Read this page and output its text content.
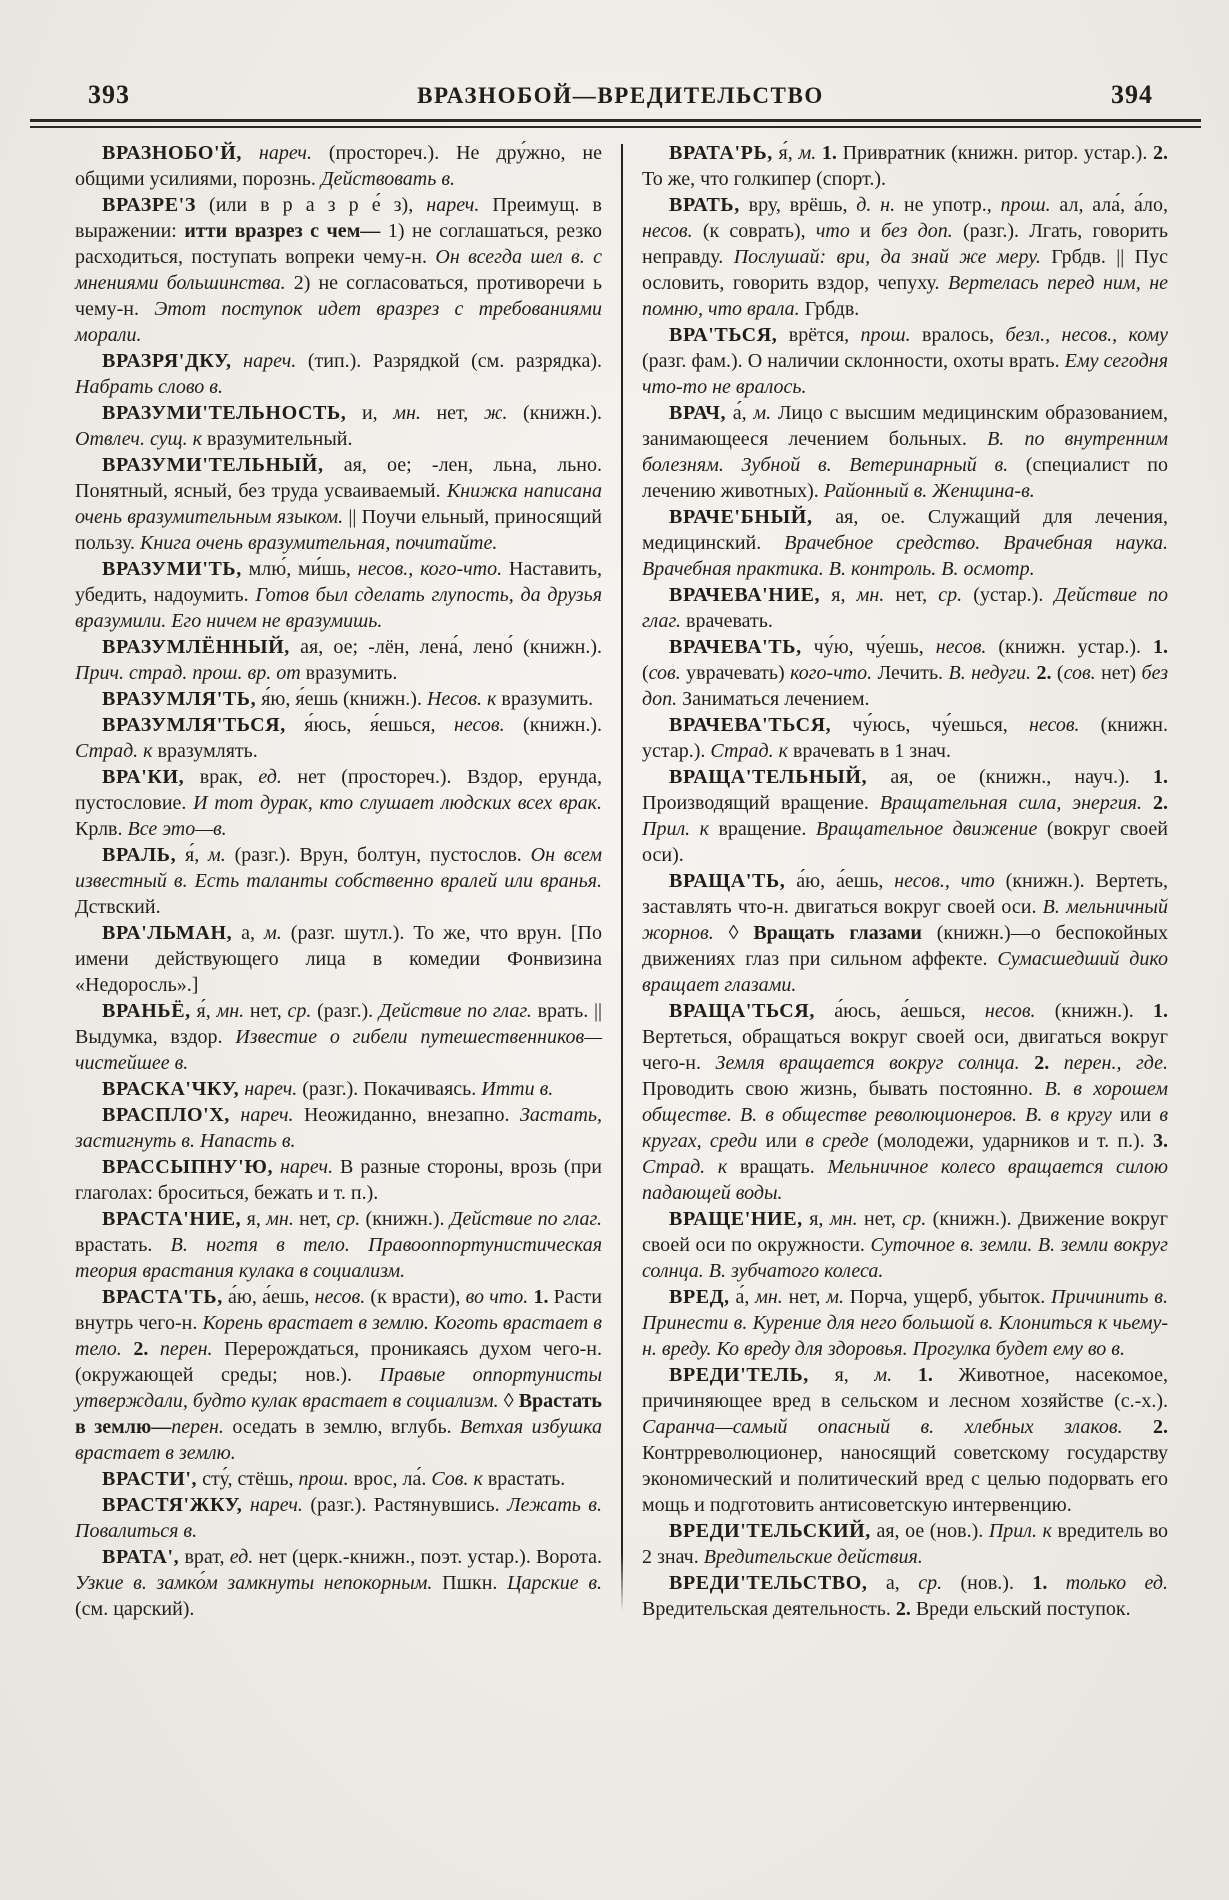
393	ВРАЗНОБОЙ—ВРЕДИТЕЛЬСТВО	394

ВРАЗНОБО'Й, нареч. (простореч.). Не дру́жно, не общими усилиями, порознь. Действовать в.

ВРАЗРЕ'З (или в р а з р е́ з), нареч. Преимущ. в выражении: итти вразрез с чем— 1) не соглашаться, резко расходиться, поступать вопреки чему-н. Он всегда шел в. с мнениями большинства. 2) не согласоваться, противоречи ь чему-н. Этот поступок идет вразрез с требованиями морали.

ВРАЗРЯ'ДКУ, нареч. (тип.). Разрядкой (см. разрядка). Набрать слово в.

ВРАЗУМИ'ТЕЛЬНОСТЬ, и, мн. нет, ж. (книжн.). Отвлеч. сущ. к вразумительный.

ВРАЗУМИ'ТЕЛЬНЫЙ, ая, ое; -лен, льна, льно. Понятный, ясный, без труда усваиваемый. Книжка написана очень вразумительным языком. || Поучи ельный, приносящий пользу. Книга очень вразумительная, почитайте.

ВРАЗУМИ'ТЬ, млю́, ми́шь, несов., кого-что. Наставить, убедить, надоумить. Готов был сделать глупость, да друзья вразумили. Его ничем не вразумишь.

ВРАЗУМЛЁННЫЙ, ая, ое; -лён, лена́, лено́ (книжн.). Прич. страд. прош. вр. от вразумить.

ВРАЗУМЛЯ'ТЬ, я́ю, я́ешь (книжн.). Несов. к вразумить.

ВРАЗУМЛЯ'ТЬСЯ, я́юсь, я́ешься, несов. (книжн.). Страд. к вразумлять.

ВРА'КИ, врак, ед. нет (простореч.). Вздор, ерунда, пустословие. И тот дурак, кто слушает людских всех врак. Крлв. Все это—в.

ВРАЛЬ, я́, м. (разг.). Врун, болтун, пустослов. Он всем известный в. Есть таланты собственно вралей или вранья. Дствский.

ВРА'ЛЬМАН, а, м. (разг. шутл.). То же, что врун. [По имени действующего лица в комедии Фонвизина «Недоросль».]

ВРАНЬЁ, я́, мн. нет, ср. (разг.). Действие по глаг. врать. || Выдумка, вздор. Известие о гибели путешественников—чистейшее в.

ВРАСКА'ЧКУ, нареч. (разг.). Покачиваясь. Итти в.

ВРАСПЛО'Х, нареч. Неожиданно, внезапно. Застать, застигнуть в. Напасть в.

ВРАССЫПНУ'Ю, нареч. В разные стороны, врозь (при глаголах: броситься, бежать и т. п.).

ВРАСТА'НИЕ, я, мн. нет, ср. (книжн.). Действие по глаг. врастать. В. ногтя в тело. Правооппортунистическая теория врастания кулака в социализм.

ВРАСТА'ТЬ, а́ю, а́ешь, несов. (к врасти), во что. 1. Расти внутрь чего-н. Корень врастает в землю. Коготь врастает в тело. 2. перен. Перерождаться, проникаясь духом чего-н. (окружающей среды; нов.). Правые оппортунисты утверждали, будто кулак врастает в социализм. ◊ Врастать в землю—перен. оседать в землю, вглубь. Ветхая избушка врастает в землю.

ВРАСТИ', сту́, стёшь, прош. врос, ла́. Сов. к врастать.

ВРАСТЯ'ЖКУ, нареч. (разг.). Растянувшись. Лежать в. Повалиться в.

ВРАТА', врат, ед. нет (церк.-книжн., поэт. устар.). Ворота. Узкие в. замко́м замкнуты непокорным. Пшкн. Царские в. (см. царский).

ВРАТА'РЬ, я́, м. 1. Привратник (книжн. ритор. устар.). 2. То же, что голкипер (спорт.).

ВРАТЬ, вру, врёшь, д. н. не употр., прош. ал, ала́, а́ло, несов. (к соврать), что и без доп. (разг.). Лгать, говорить неправду. Послушай: ври, да знай же меру. Грбдв. || Пус ословить, говорить вздор, чепуху. Вертелась перед ним, не помню, что врала. Грбдв.

ВРА'ТЬСЯ, врётся, прош. вралось, безл., несов., кому (разг. фам.). О наличии склонности, охоты врать. Ему сегодня что-то не вралось.

ВРАЧ, а́, м. Лицо с высшим медицинским образованием, занимающееся лечением больных. В. по внутренним болезням. Зубной в. Ветеринарный в. (специалист по лечению животных). Районный в. Женщина-в.

ВРАЧЕ'БНЫЙ, ая, ое. Служащий для лечения, медицинский. Врачебное средство. Врачебная наука. Врачебная практика. В. контроль. В. осмотр.

ВРАЧЕВА'НИЕ, я, мн. нет, ср. (устар.). Действие по глаг. врачевать.

ВРАЧЕВА'ТЬ, чу́ю, чу́ешь, несов. (книжн. устар.). 1. (сов. уврачевать) кого-что. Лечить. В. недуги. 2. (сов. нет) без доп. Заниматься лечением.

ВРАЧЕВА'ТЬСЯ, чу́юсь, чу́ешься, несов. (книжн. устар.). Страд. к врачевать в 1 знач.

ВРАЩА'ТЕЛЬНЫЙ, ая, ое (книжн., науч.). 1. Производящий вращение. Вращательная сила, энергия. 2. Прил. к вращение. Вращательное движение (вокруг своей оси).

ВРАЩА'ТЬ, а́ю, а́ешь, несов., что (книжн.). Вертеть, заставлять что-н. двигаться вокруг своей оси. В. мельничный жорнов. ◊ Вращать глазами (книжн.)—о беспокойных движениях глаз при сильном аффекте. Сумасшедший дико вращает глазами.

ВРАЩА'ТЬСЯ, а́юсь, а́ешься, несов. (книжн.). 1. Вертеться, обращаться вокруг своей оси, двигаться вокруг чего-н. Земля вращается вокруг солнца. 2. перен., где. Проводить свою жизнь, бывать постоянно. В. в хорошем обществе. В. в обществе революционеров. В. в кругу или в кругах, среди или в среде (молодежи, ударников и т. п.). 3. Страд. к вращать. Мельничное колесо вращается силою падающей воды.

ВРАЩЕ'НИЕ, я, мн. нет, ср. (книжн.). Движение вокруг своей оси по окружности. Суточное в. земли. В. земли вокруг солнца. В. зубчатого колеса.

ВРЕД, а́, мн. нет, м. Порча, ущерб, убыток. Причинить в. Принести в. Курение для него большой в. Клониться к чьему-н. вреду. Ко вреду для здоровья. Прогулка будет ему во в.

ВРЕДИ'ТЕЛЬ, я, м. 1. Животное, насекомое, причиняющее вред в сельском и лесном хозяйстве (с.-х.). Саранча—самый опасный в. хлебных злаков. 2. Контрреволюционер, наносящий советскому государству экономический и политический вред с целью подорвать его мощь и подготовить антисоветскую интервенцию.

ВРЕДИ'ТЕЛЬСКИЙ, ая, ое (нов.). Прил. к вредитель во 2 знач. Вредительские действия.

ВРЕДИ'ТЕЛЬСТВО, а, ср. (нов.). 1. только ед. Вредительская деятельность. 2. Вреди ельский поступок.
